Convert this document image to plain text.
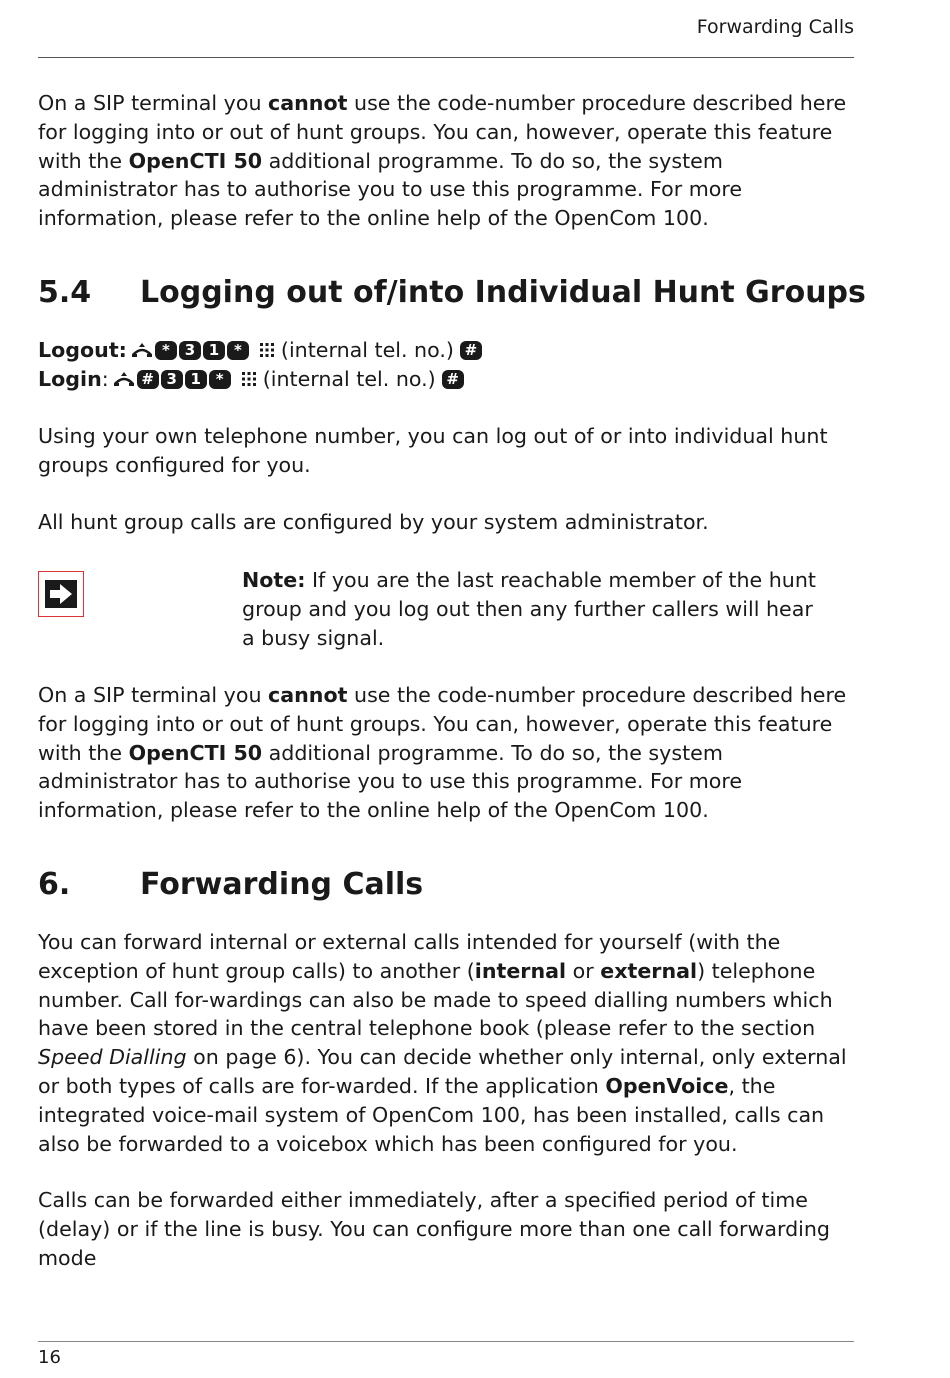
Forwarding Calls

On a SIP terminal you cannot use the code-number procedure described here for logging into or out of hunt groups. You can, however, operate this feature with the OpenCTI 50 additional programme. To do so, the system administrator has to authorise you to use this programme. For more information, please refer to the online help of the OpenCom 100.

5.4 Logging out of/into Individual Hunt Groups
Logout:	* 3 1 *	(internal tel. no.) #
Login :	# 3 1 *	(internal tel. no.) #

Using your own telephone number, you can log out of or into individual hunt groups configured for you.

All hunt group calls are configured by your system administrator.

Note: If you are the last reachable member of the hunt group and you log out then any further callers will hear a busy signal.

On a SIP terminal you cannot use the code-number procedure described here for logging into or out of hunt groups. You can, however, operate this feature with the OpenCTI 50 additional programme. To do so, the system administrator has to authorise you to use this programme. For more information, please refer to the online help of the OpenCom 100.

6. Forwarding Calls

You can forward internal or external calls intended for yourself (with the exception of hunt group calls) to another (internal or external) telephone number. Call for-wardings can also be made to speed dialling numbers which have been stored in the central telephone book (please refer to the section Speed Dialling on page 6). You can decide whether only internal, only external or both types of calls are for-warded. If the application OpenVoice, the integrated voice-mail system of OpenCom 100, has been installed, calls can also be forwarded to a voicebox which has been configured for you.

Calls can be forwarded either immediately, after a specified period of time (delay) or if the line is busy. You can configure more than one call forwarding mode

16
